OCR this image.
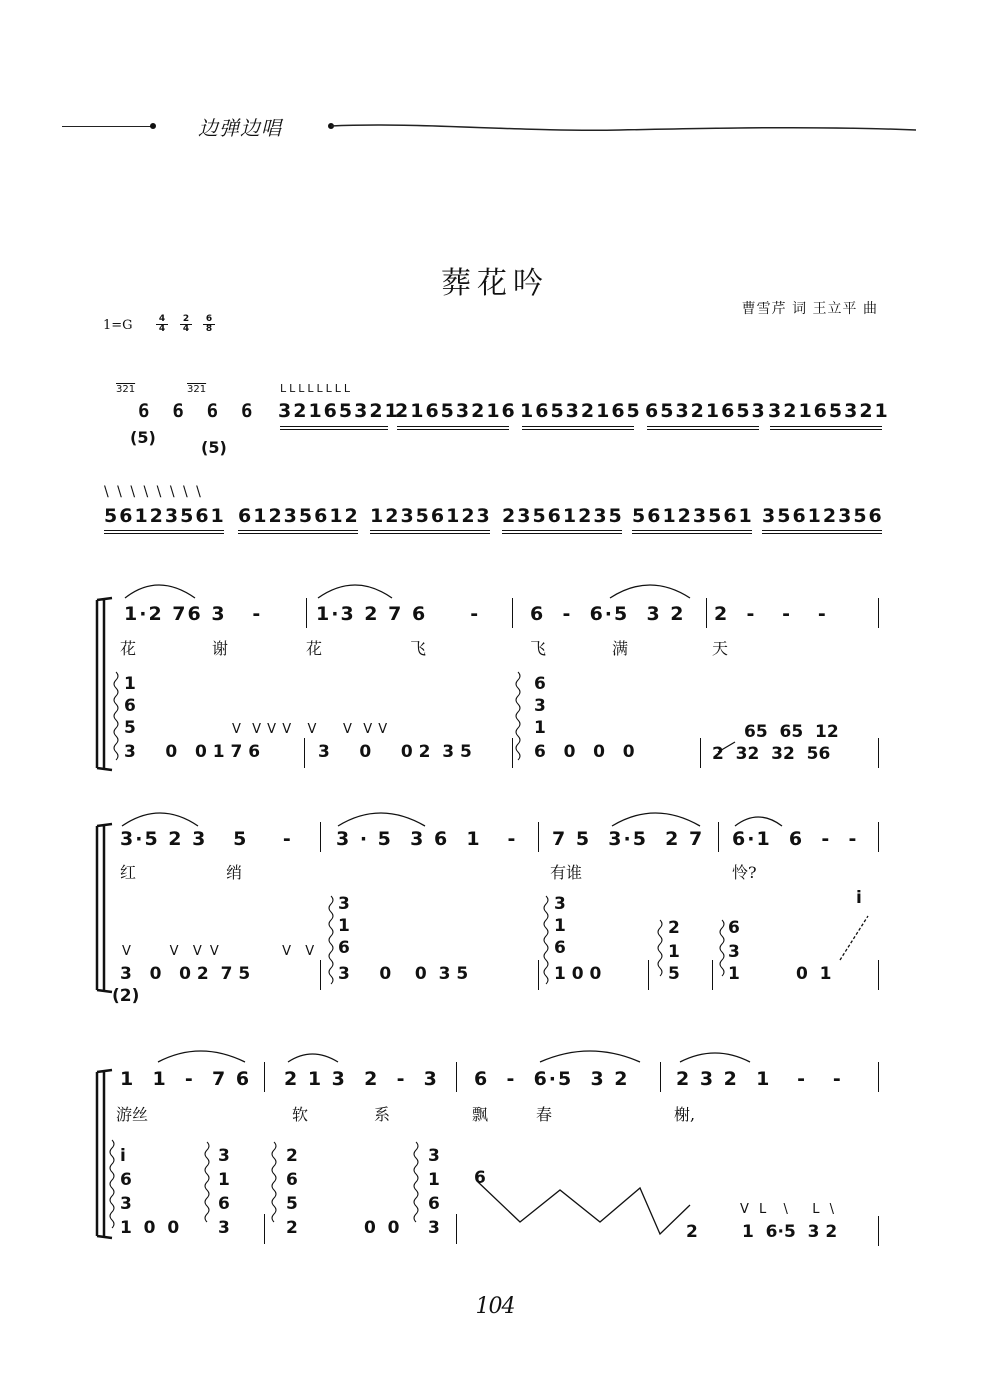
边弹边唱
葬花吟
曹雪芹 词 王立平 曲
1=G	$\frac{4}{4} \frac{2}{4} \frac{6}{8}$
321	321
6  6  6  6
(5)
(5)
LLLLLLLL
32165321
21653216 16532165 65321653 32165321
\ \ \ \ \ \ \ \
56123561 61235612 12356123 23561235 56123561 35612356
1·2 76 3   -	1·3 2 7 6     -	6  -  6·5  3 2 2  -   -   -
花	谢	花	飞	飞	满	天
1
6
5
6
3
1
V  V V V   V     V  V V
3     0   0 1 7 6	3     0     0 2  3 5	6   0   0   0
65  65  12
2  32  32  56
3·5 2 3   5    - 3 · 5  3 6  1   - 7 5  3·5  2 7 6·1  6  -  -
红	绡	有谁	怜?
3
1
6
3
1
6
2
1
6
3
i
V      V  V V          V  V
3   0   0 2  7 5	3     0    0  3 5	1 0 0	5	1	0  1
(2)
1  1  -  7 6 2 1 3  2  -  3 6  -  6·5  3 2 2 3 2  1   -   -
游丝	软	系	飘	春	榭,
i
6
3
3
1
6
2
6
5
3
1
6
1  0  0 3	2	0  0 3
6
V L  \   L \
2	1  6·5  3 2
104
